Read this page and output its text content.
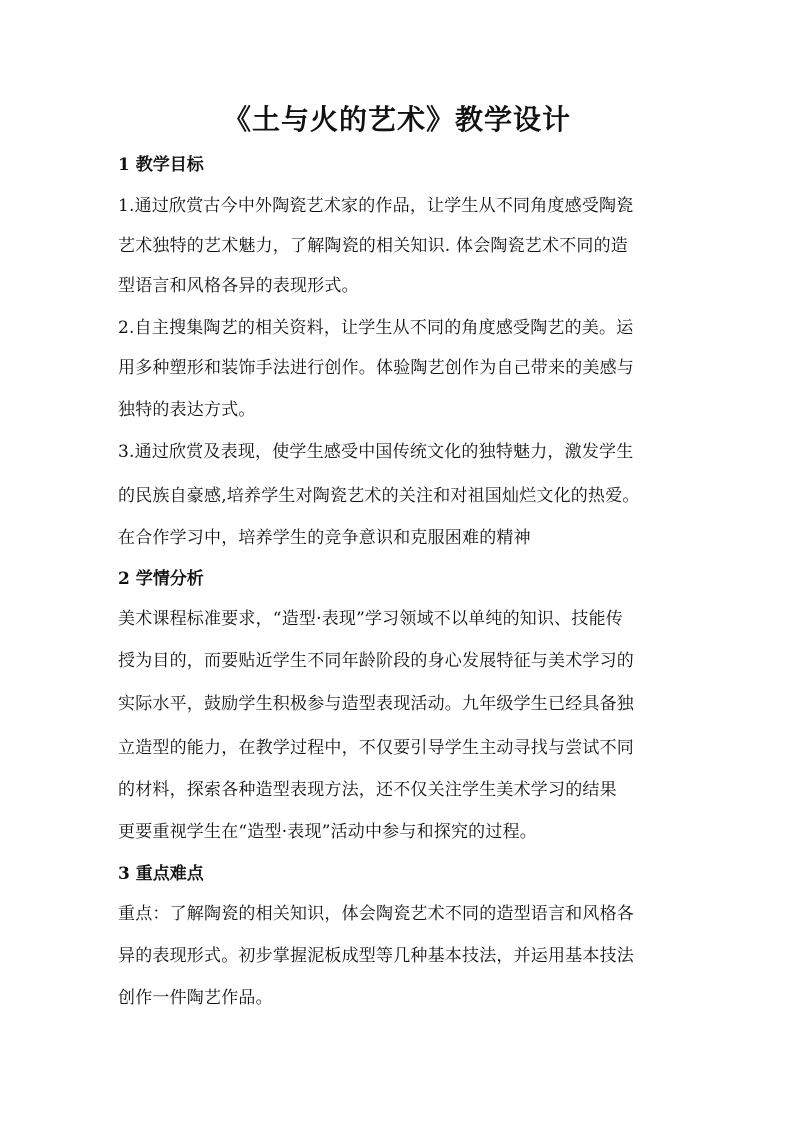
《土与火的艺术》教学设计
1 教学目标
1.通过欣赏古今中外陶瓷艺术家的作品，让学生从不同角度感受陶瓷
艺术独特的艺术魅力，了解陶瓷的相关知识. 体会陶瓷艺术不同的造
型语言和风格各异的表现形式。
2.自主搜集陶艺的相关资料，让学生从不同的角度感受陶艺的美。运
用多种塑形和装饰手法进行创作。体验陶艺创作为自己带来的美感与
独特的表达方式。
3.通过欣赏及表现，使学生感受中国传统文化的独特魅力，激发学生
的民族自豪感,培养学生对陶瓷艺术的关注和对祖国灿烂文化的热爱。
在合作学习中，培养学生的竞争意识和克服困难的精神
2 学情分析
美术课程标准要求，“造型·表现”学习领域不以单纯的知识、技能传
授为目的，而要贴近学生不同年龄阶段的身心发展特征与美术学习的
实际水平，鼓励学生积极参与造型表现活动。九年级学生已经具备独
立造型的能力，在教学过程中，不仅要引导学生主动寻找与尝试不同
的材料，探索各种造型表现方法，还不仅关注学生美术学习的结果
更要重视学生在“造型·表现”活动中参与和探究的过程。
3 重点难点
重点：了解陶瓷的相关知识，体会陶瓷艺术不同的造型语言和风格各
异的表现形式。初步掌握泥板成型等几种基本技法，并运用基本技法
创作一件陶艺作品。
